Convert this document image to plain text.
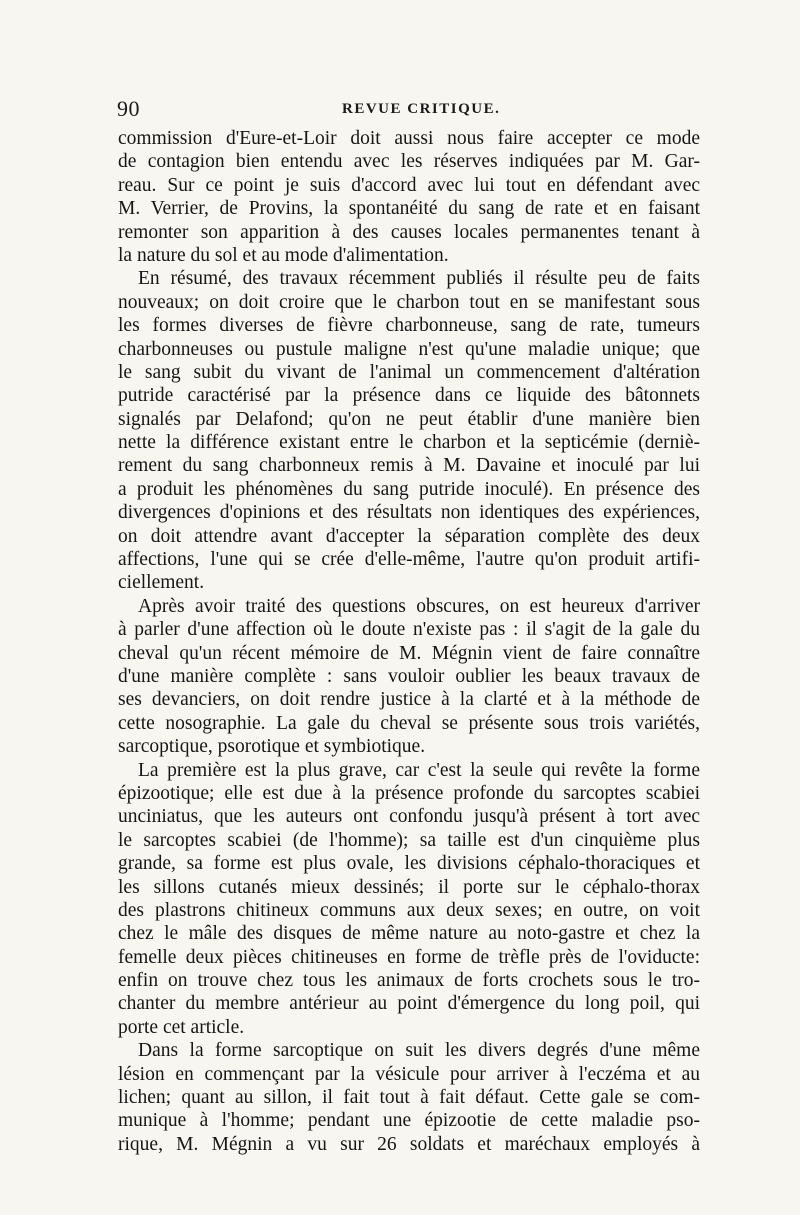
90	REVUE CRITIQUE.
commission d'Eure-et-Loir doit aussi nous faire accepter ce mode
de contagion bien entendu avec les réserves indiquées par M. Gar-
reau. Sur ce point je suis d'accord avec lui tout en défendant avec
M. Verrier, de Provins, la spontanéité du sang de rate et en faisant
remonter son apparition à des causes locales permanentes tenant à
la nature du sol et au mode d'alimentation.
En résumé, des travaux récemment publiés il résulte peu de faits
nouveaux; on doit croire que le charbon tout en se manifestant sous
les formes diverses de fièvre charbonneuse, sang de rate, tumeurs
charbonneuses ou pustule maligne n'est qu'une maladie unique; que
le sang subit du vivant de l'animal un commencement d'altération
putride caractérisé par la présence dans ce liquide des bâtonnets
signalés par Delafond; qu'on ne peut établir d'une manière bien
nette la différence existant entre le charbon et la septicémie (derniè-
rement du sang charbonneux remis à M. Davaine et inoculé par lui
a produit les phénomènes du sang putride inoculé). En présence des
divergences d'opinions et des résultats non identiques des expériences,
on doit attendre avant d'accepter la séparation complète des deux
affections, l'une qui se crée d'elle-même, l'autre qu'on produit artifi-
ciellement.
Après avoir traité des questions obscures, on est heureux d'arriver
à parler d'une affection où le doute n'existe pas : il s'agit de la gale du
cheval qu'un récent mémoire de M. Mégnin vient de faire connaître
d'une manière complète : sans vouloir oublier les beaux travaux de
ses devanciers, on doit rendre justice à la clarté et à la méthode de
cette nosographie. La gale du cheval se présente sous trois variétés,
sarcoptique, psorotique et symbiotique.
La première est la plus grave, car c'est la seule qui revête la forme
épizootique; elle est due à la présence profonde du sarcoptes scabiei
unciniatus, que les auteurs ont confondu jusqu'à présent à tort avec
le sarcoptes scabiei (de l'homme); sa taille est d'un cinquième plus
grande, sa forme est plus ovale, les divisions céphalo-thoraciques et
les sillons cutanés mieux dessinés; il porte sur le céphalo-thorax
des plastrons chitineux communs aux deux sexes; en outre, on voit
chez le mâle des disques de même nature au noto-gastre et chez la
femelle deux pièces chitineuses en forme de trèfle près de l'oviducte:
enfin on trouve chez tous les animaux de forts crochets sous le tro-
chanter du membre antérieur au point d'émergence du long poil, qui
porte cet article.
Dans la forme sarcoptique on suit les divers degrés d'une même
lésion en commençant par la vésicule pour arriver à l'eczéma et au
lichen; quant au sillon, il fait tout à fait défaut. Cette gale se com-
munique à l'homme; pendant une épizootie de cette maladie pso-
rique, M. Mégnin a vu sur 26 soldats et maréchaux employés à
